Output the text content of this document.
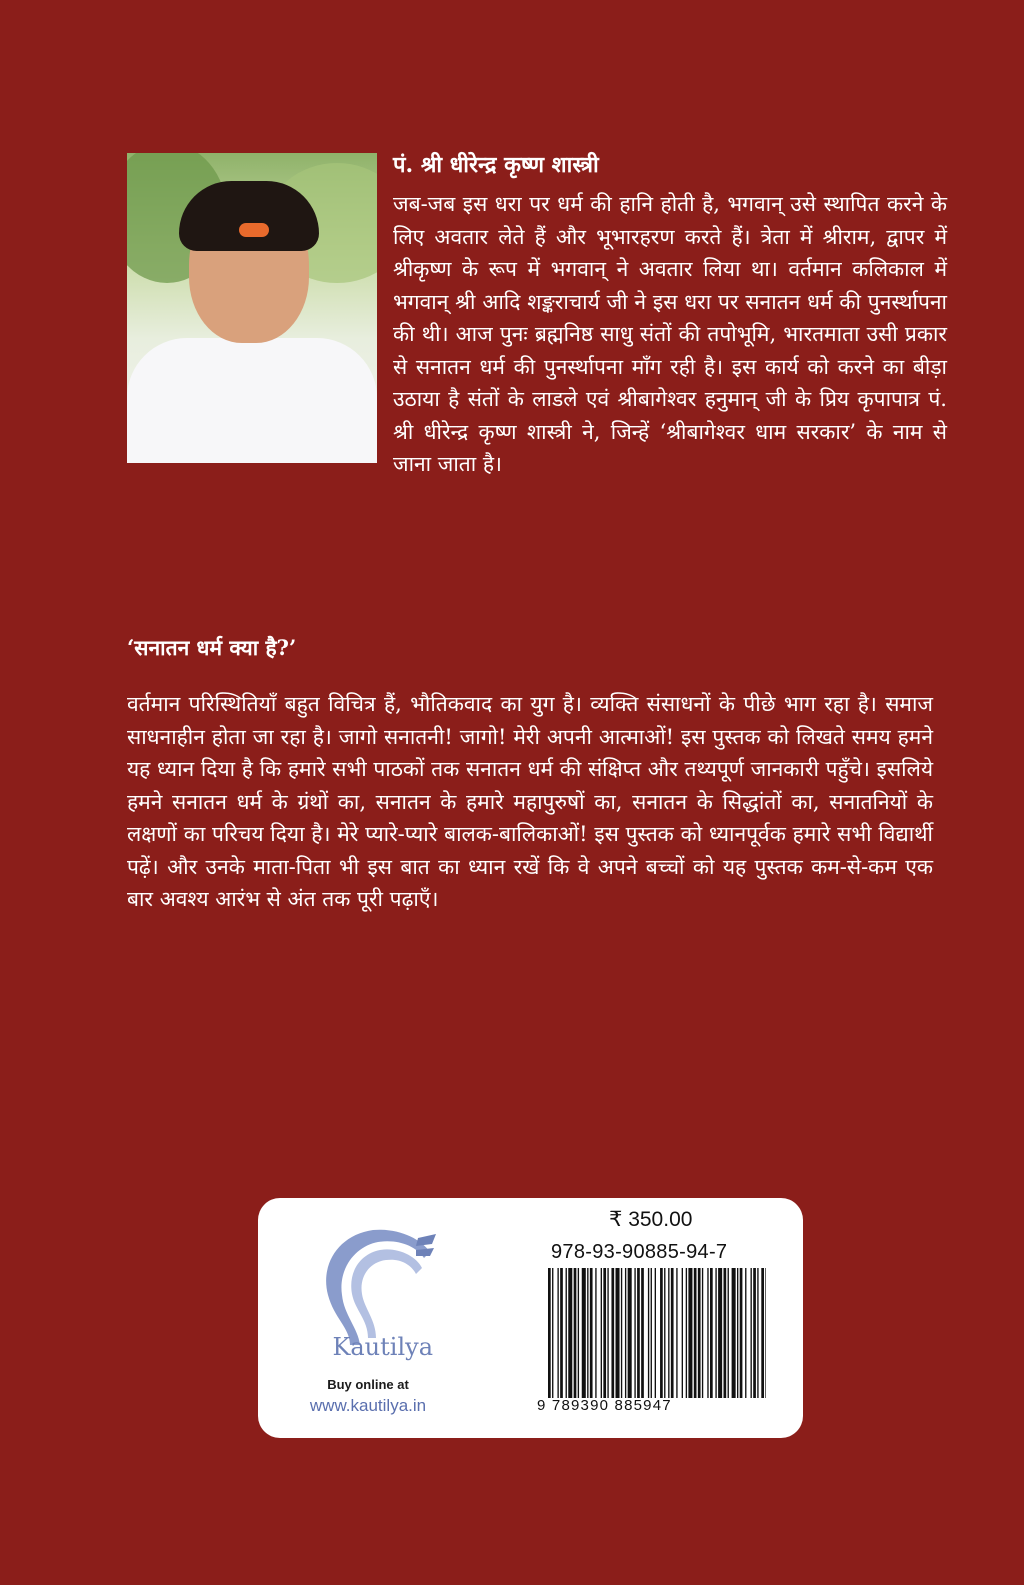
पं. श्री धीरेन्द्र कृष्ण शास्त्री

जब-जब इस धरा पर धर्म की हानि होती है, भगवान् उसे स्थापित करने के लिए अवतार लेते हैं और भूभारहरण करते हैं। त्रेता में श्रीराम, द्वापर में श्रीकृष्ण के रूप में भगवान् ने अवतार लिया था। वर्तमान कलिकाल में भगवान् श्री आदि शङ्कराचार्य जी ने इस धरा पर सनातन धर्म की पुनर्स्थापना की थी। आज पुनः ब्रह्मनिष्ठ साधु संतों की तपोभूमि, भारतमाता उसी प्रकार से सनातन धर्म की पुनर्स्थापना माँग रही है। इस कार्य को करने का बीड़ा उठाया है संतों के लाडले एवं श्रीबागेश्वर हनुमान् जी के प्रिय कृपापात्र पं. श्री धीरेन्द्र कृष्ण शास्त्री ने, जिन्हें ‘श्रीबागेश्वर धाम सरकार’ के नाम से जाना जाता है।

‘सनातन धर्म क्या है?’

वर्तमान परिस्थितियाँ बहुत विचित्र हैं, भौतिकवाद का युग है। व्यक्ति संसाधनों के पीछे भाग रहा है। समाज साधनाहीन होता जा रहा है। जागो सनातनी! जागो! मेरी अपनी आत्माओं! इस पुस्तक को लिखते समय हमने यह ध्यान दिया है कि हमारे सभी पाठकों तक सनातन धर्म की संक्षिप्त और तथ्यपूर्ण जानकारी पहुँचे। इसलिये हमने सनातन धर्म के ग्रंथों का, सनातन के हमारे महापुरुषों का, सनातन के सिद्धांतों का, सनातनियों के लक्षणों का परिचय दिया है। मेरे प्यारे-प्यारे बालक-बालिकाओं! इस पुस्तक को ध्यानपूर्वक हमारे सभी विद्यार्थी पढ़ें। और उनके माता-पिता भी इस बात का ध्यान रखें कि वे अपने बच्चों को यह पुस्तक कम-से-कम एक बार अवश्य आरंभ से अंत तक पूरी पढ़ाएँ।

Kautilya
Buy online at
www.kautilya.in
₹ 350.00
978-93-90885-94-7
9 789390 885947
